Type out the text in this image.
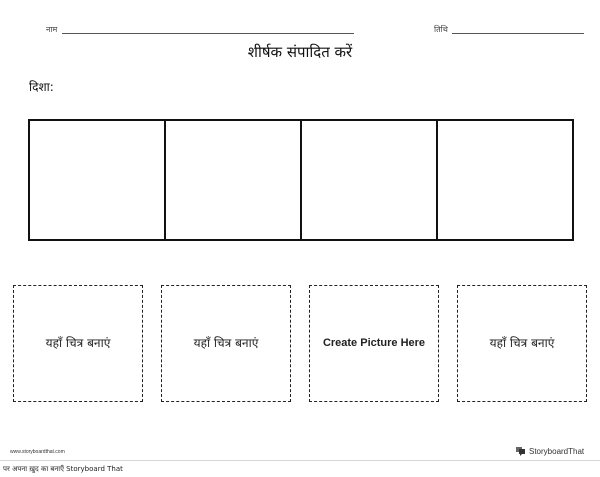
नाम	तिथि
शीर्षक संपादित करें
दिशा:
यहाँ चित्र बनाएं	यहाँ चित्र बनाएं	Create Picture Here	यहाँ चित्र बनाएं
www.storyboardthat.com	StoryboardThat
पर अपना ख़ुद का बनाएँ Storyboard That
